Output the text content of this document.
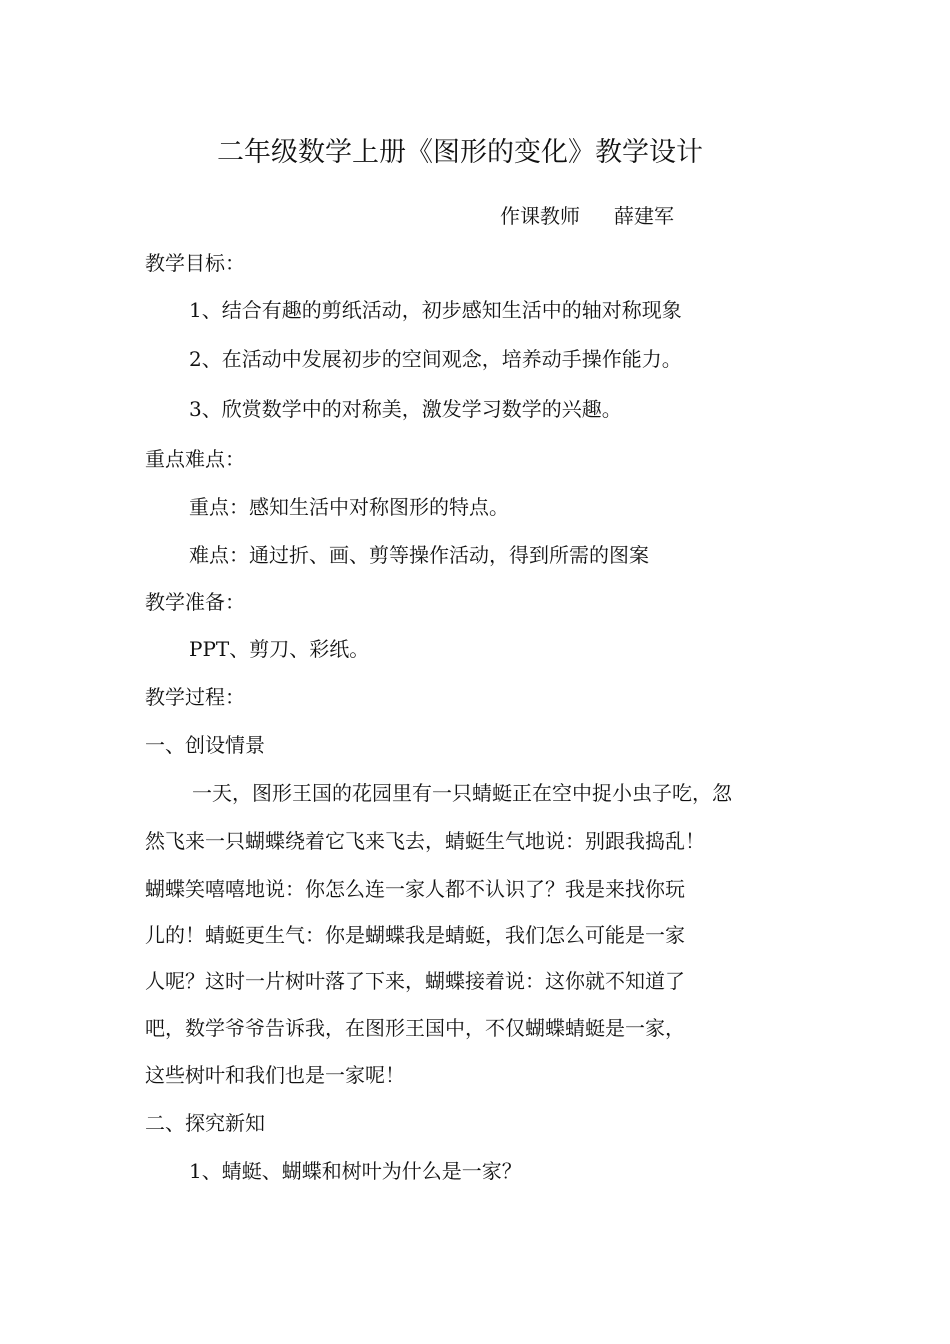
二年级数学上册《图形的变化》教学设计
作课教师 薛建军
教学目标：
1、结合有趣的剪纸活动，初步感知生活中的轴对称现象
2、在活动中发展初步的空间观念，培养动手操作能力。
3、欣赏数学中的对称美，激发学习数学的兴趣。
重点难点：
重点：感知生活中对称图形的特点。
难点：通过折、画、剪等操作活动，得到所需的图案
教学准备：
PPT、剪刀、彩纸。
教学过程：
一、创设情景
一天，图形王国的花园里有一只蜻蜓正在空中捉小虫子吃，忽
然飞来一只蝴蝶绕着它飞来飞去，蜻蜓生气地说：别跟我捣乱！
蝴蝶笑嘻嘻地说：你怎么连一家人都不认识了？我是来找你玩
儿的！蜻蜓更生气：你是蝴蝶我是蜻蜓，我们怎么可能是一家
人呢？这时一片树叶落了下来，蝴蝶接着说：这你就不知道了
吧，数学爷爷告诉我，在图形王国中，不仅蝴蝶蜻蜓是一家，
这些树叶和我们也是一家呢！
二、探究新知
1、蜻蜓、蝴蝶和树叶为什么是一家？
